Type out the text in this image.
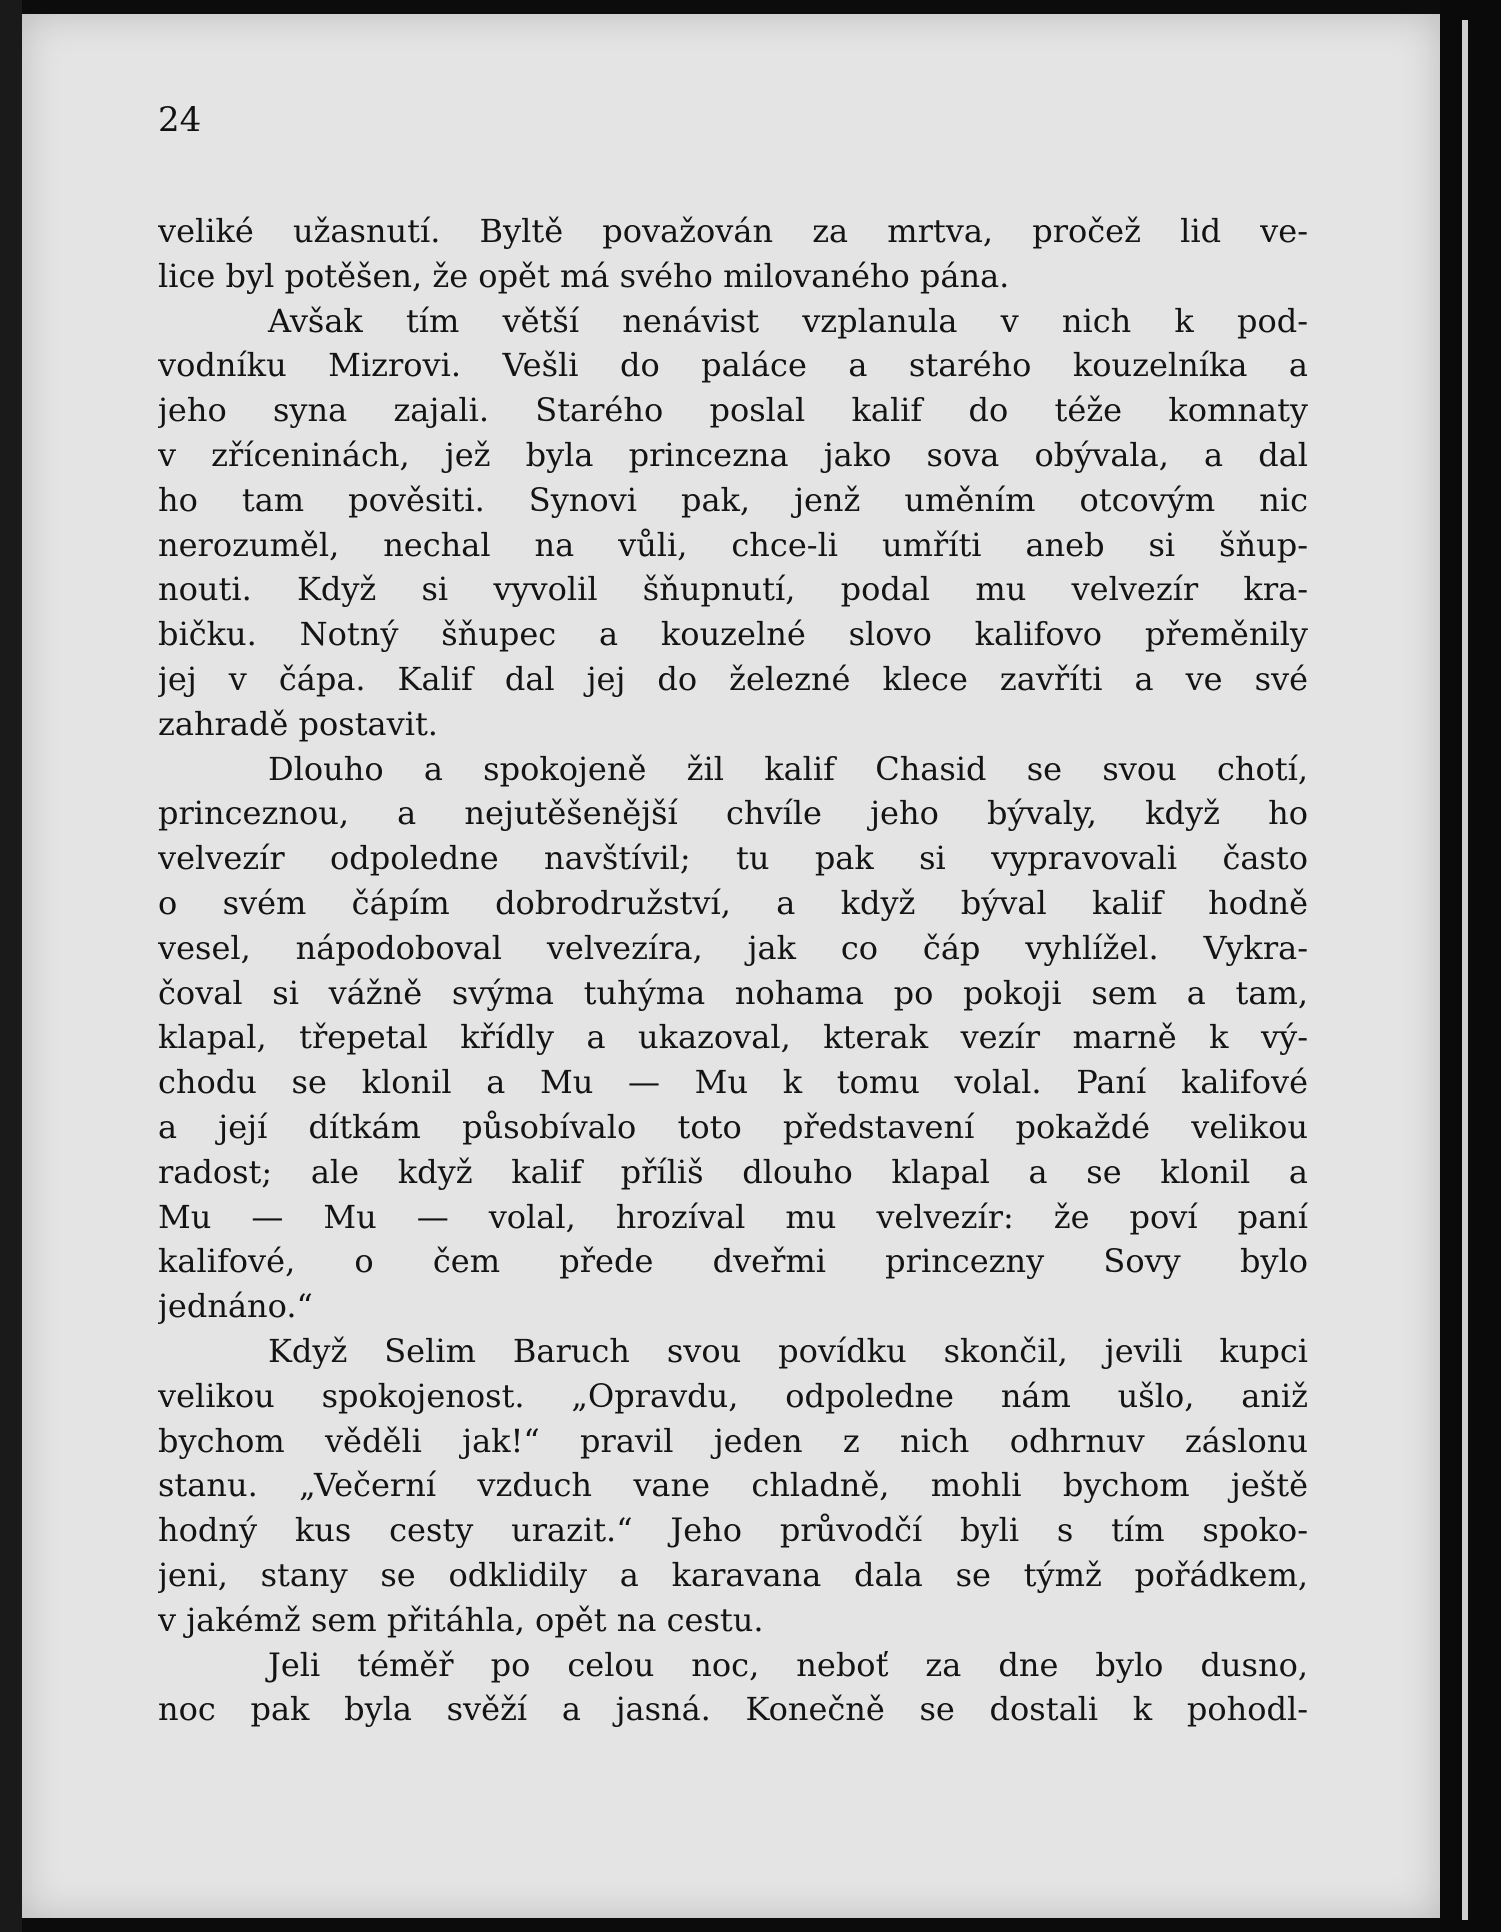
24
veliké užasnutí. Byltě považován za mrtva, pročež lid ve-
lice byl potěšen, že opět má svého milovaného pána.
Avšak tím větší nenávist vzplanula v nich k pod-
vodníku Mizrovi. Vešli do paláce a starého kouzelníka a
jeho syna zajali. Starého poslal kalif do téže komnaty
v zříceninách, jež byla princezna jako sova obývala, a dal
ho tam pověsiti. Synovi pak, jenž uměním otcovým nic
nerozuměl, nechal na vůli, chce-li umříti aneb si šňup-
nouti. Když si vyvolil šňupnutí, podal mu velvezír kra-
bičku. Notný šňupec a kouzelné slovo kalifovo přeměnily
jej v čápa. Kalif dal jej do železné klece zavříti a ve své
zahradě postavit.
Dlouho a spokojeně žil kalif Chasid se svou chotí,
princeznou, a nejutěšenější chvíle jeho bývaly, když ho
velvezír odpoledne navštívil; tu pak si vypravovali často
o svém čápím dobrodružství, a když býval kalif hodně
vesel, nápodoboval velvezíra, jak co čáp vyhlížel. Vykra-
čoval si vážně svýma tuhýma nohama po pokoji sem a tam,
klapal, třepetal křídly a ukazoval, kterak vezír marně k vý-
chodu se klonil a Mu — Mu k tomu volal. Paní kalifové
a její dítkám působívalo toto představení pokaždé velikou
radost; ale když kalif příliš dlouho klapal a se klonil a
Mu — Mu — volal, hrozíval mu velvezír: že poví paní
kalifové, o čem přede dveřmi princezny Sovy bylo
jednáno.“
Když Selim Baruch svou povídku skončil, jevili kupci
velikou spokojenost. „Opravdu, odpoledne nám ušlo, aniž
bychom věděli jak!“ pravil jeden z nich odhrnuv záslonu
stanu. „Večerní vzduch vane chladně, mohli bychom ještě
hodný kus cesty urazit.“ Jeho průvodčí byli s tím spoko-
jeni, stany se odklidily a karavana dala se týmž pořádkem,
v jakémž sem přitáhla, opět na cestu.
Jeli téměř po celou noc, neboť za dne bylo dusno,
noc pak byla svěží a jasná. Konečně se dostali k pohodl-
